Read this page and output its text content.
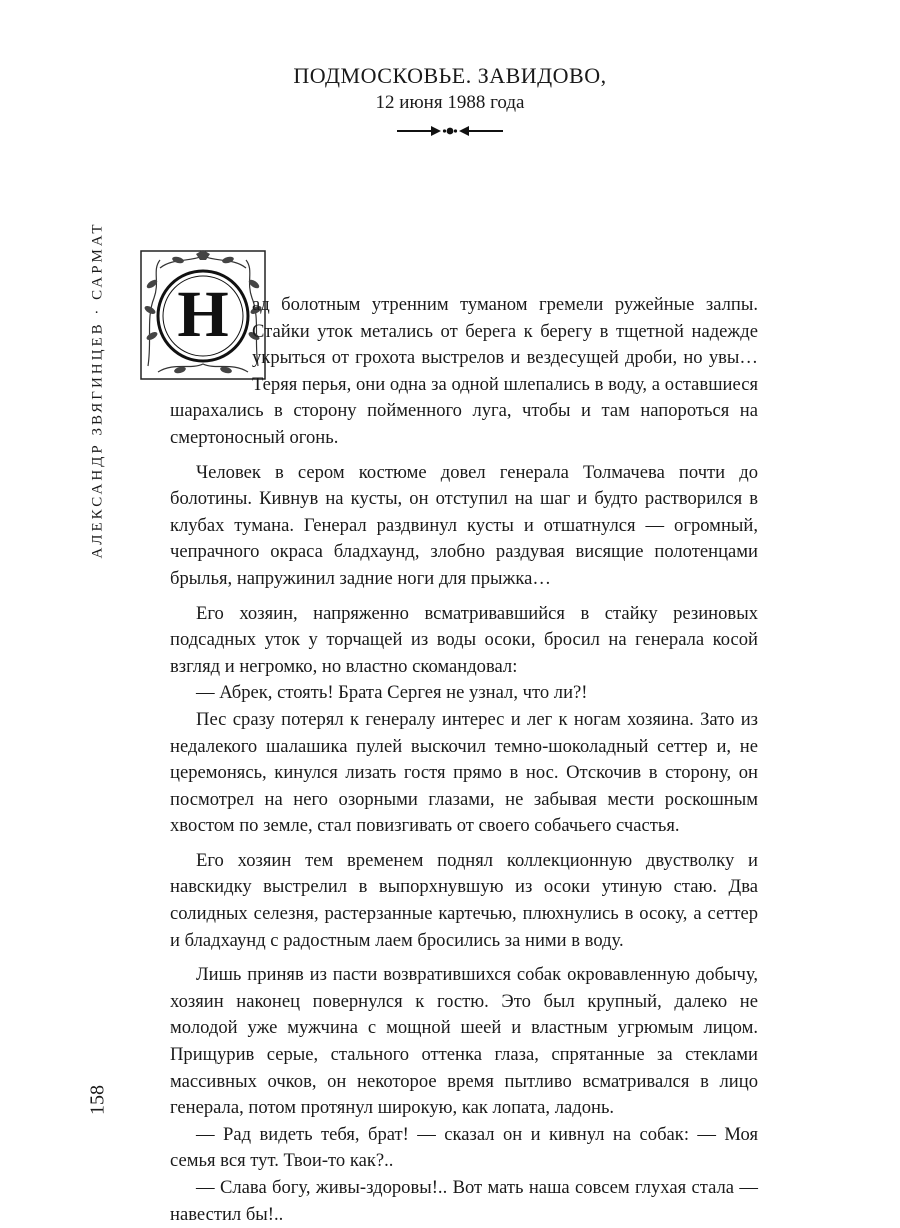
АЛЕКСАНДР ЗВЯГИНЦЕВ · САРМАТ
158
ПОДМОСКОВЬЕ. ЗАВИДОВО,
12 июня 1988 года
Н	ад болотным утренним туманом гремели ружейные залпы. Стайки уток метались от берега к берегу в тщетной надежде укрыться от грохота выстрелов и вездесущей дроби, но увы… Теряя перья, они одна за одной шлепались в воду, а оставшиеся шарахались в сторону пойменного луга, чтобы и там напороться на смертоносный огонь.

Человек в сером костюме довел генерала Толмачева почти до болотины. Кивнув на кусты, он отступил на шаг и будто растворился в клубах тумана. Генерал раздвинул кусты и отшатнулся — огромный, чепрачного окраса бладхаунд, злобно раздувая висящие полотенцами брылья, напружинил задние ноги для прыжка…

Его хозяин, напряженно всматривавшийся в стайку резиновых подсадных уток у торчащей из воды осоки, бросил на генерала косой взгляд и негромко, но властно скомандовал:

— Абрек, стоять! Брата Сергея не узнал, что ли?!

Пес сразу потерял к генералу интерес и лег к ногам хозяина. Зато из недалекого шалашика пулей выскочил темно-шоколадный сеттер и, не церемонясь, кинулся лизать гостя прямо в нос. Отскочив в сторону, он посмотрел на него озорными глазами, не забывая мести роскошным хвостом по земле, стал повизгивать от своего собачьего счастья.

Его хозяин тем временем поднял коллекционную двустволку и навскидку выстрелил в выпорхнувшую из осоки утиную стаю. Два солидных селезня, растерзанные картечью, плюхнулись в осоку, а сеттер и бладхаунд с радостным лаем бросились за ними в воду.

Лишь приняв из пасти возвратившихся собак окровавленную добычу, хозяин наконец повернулся к гостю. Это был крупный, далеко не молодой уже мужчина с мощной шеей и властным угрюмым лицом. Прищурив серые, стального оттенка глаза, спрятанные за стеклами массивных очков, он некоторое время пытливо всматривался в лицо генерала, потом протянул широкую, как лопата, ладонь.

— Рад видеть тебя, брат! — сказал он и кивнул на собак: — Моя семья вся тут. Твои-то как?..

— Слава богу, живы-здоровы!.. Вот мать наша совсем глухая стала — навестил бы!..
